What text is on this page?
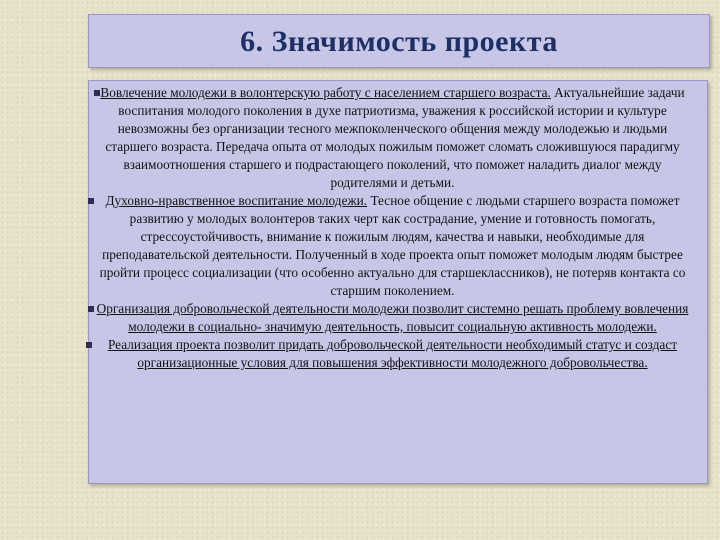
6. Значимость проекта
Вовлечение молодежи в волонтерскую работу с населением старшего возраста. Актуальнейшие задачи воспитания молодого поколения в духе патриотизма, уважения к российской истории и культуре невозможны без организации тесного межпоколенческого общения между молодежью и людьми старшего возраста. Передача опыта от молодых пожилым поможет сломать сложившуюся парадигму взаимоотношения старшего и подрастающего поколений, что поможет наладить диалог между родителями и детьми.
Духовно-нравственное воспитание молодежи. Тесное общение с людьми старшего возраста поможет развитию у молодых волонтеров таких черт как сострадание, умение и готовность помогать, стрессоустойчивость, внимание к пожилым людям, качества и навыки, необходимые для преподавательской деятельности. Полученный в ходе проекта опыт поможет молодым людям быстрее пройти процесс социализации (что особенно актуально для старшеклассников), не потеряв контакта со старшим поколением.
Организация добровольческой деятельности молодежи позволит системно решать проблему вовлечения молодежи в социально- значимую деятельность, повысит социальную активность молодежи.
Реализация проекта позволит придать добровольческой деятельности необходимый статус и создаст организационные условия для повышения эффективности молодежного добровольчества.
